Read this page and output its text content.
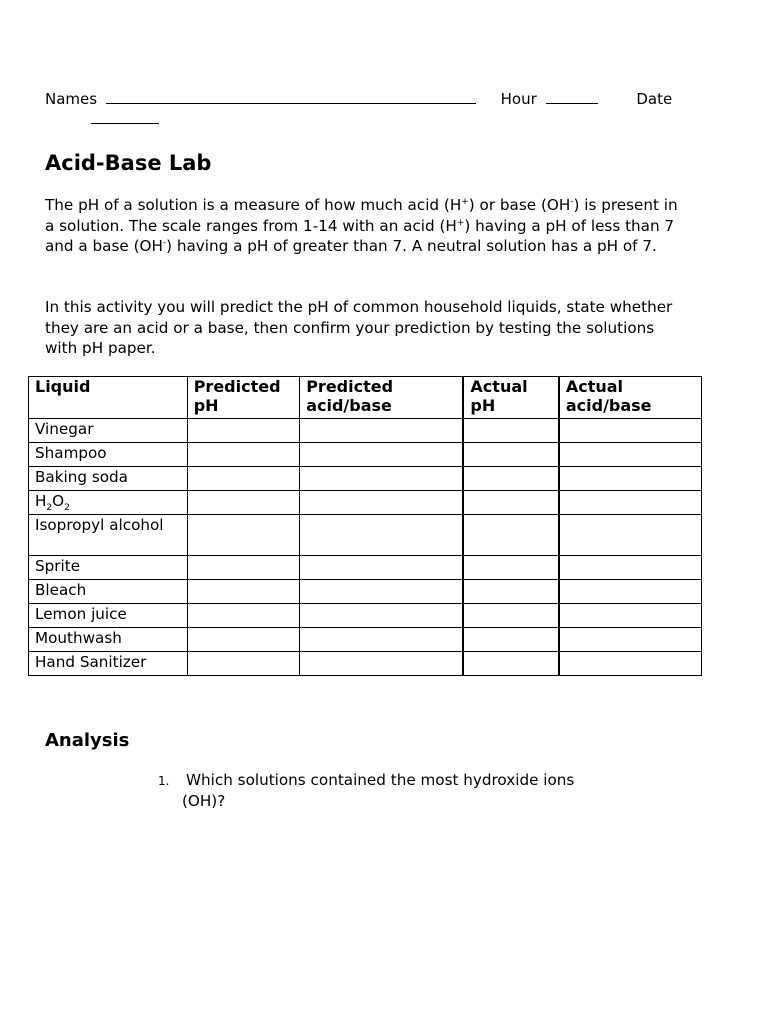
Names	Hour	Date
Acid-Base Lab
The pH of a solution is a measure of how much acid (H+) or base (OH-) is present in a solution. The scale ranges from 1-14 with an acid (H+) having a pH of less than 7 and a base (OH-) having a pH of greater than 7. A neutral solution has a pH of 7.
In this activity you will predict the pH of common household liquids, state whether they are an acid or a base, then confirm your prediction by testing the solutions with pH paper.
Liquid	Predicted pH	Predicted acid/base	Actual pH	Actual acid/base
Vinegar				
Shampoo				
Baking soda				
$H_2O_2$				
Isopropyl alcohol				
Sprite				
Bleach				
Lemon juice				
Mouthwash				
Hand Sanitizer				
Analysis
1. Which solutions contained the most hydroxide ions
(OH)?
